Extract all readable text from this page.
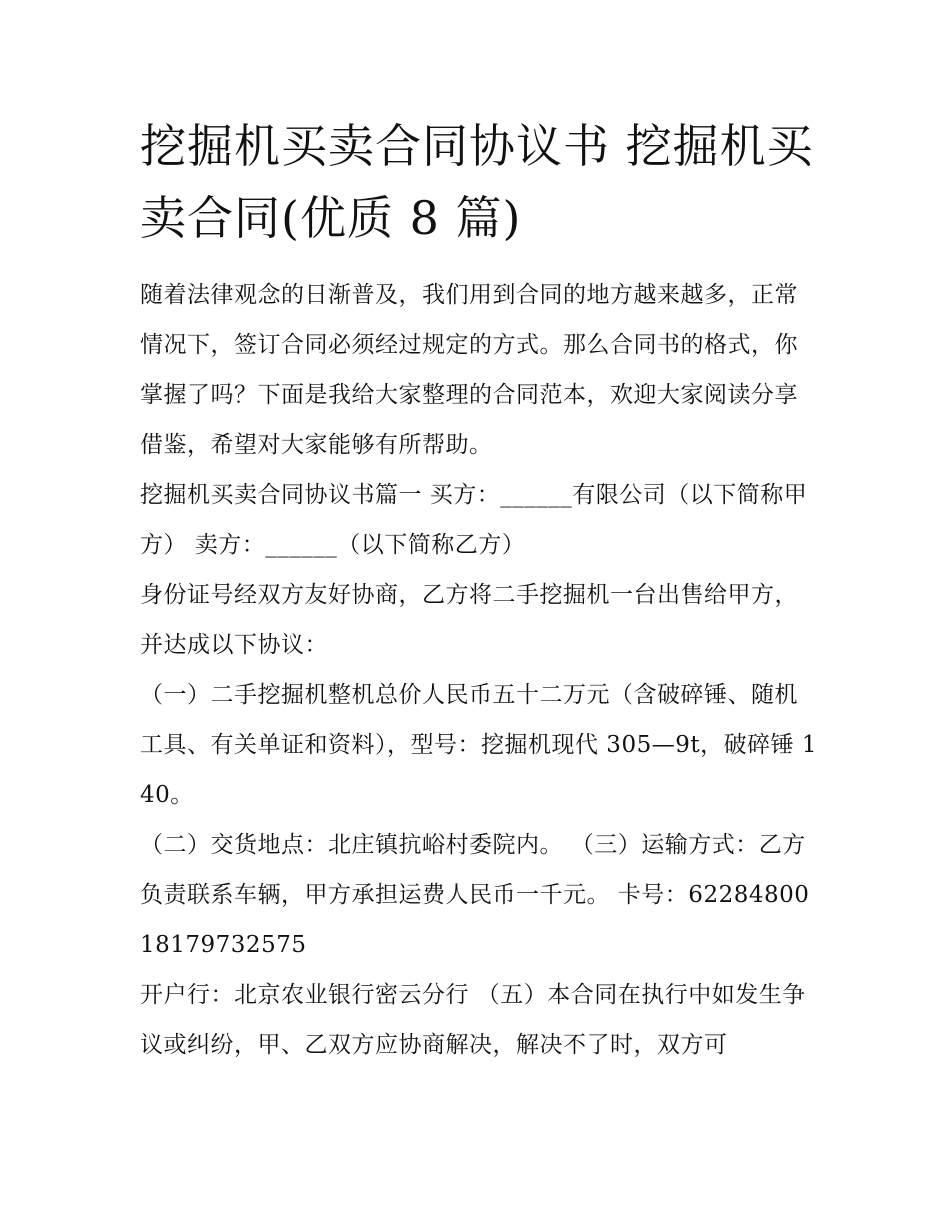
挖掘机买卖合同协议书 挖掘机买卖合同(优质 8 篇)

随着法律观念的日渐普及，我们用到合同的地方越来越多，正常情况下，签订合同必须经过规定的方式。那么合同书的格式，你掌握了吗？下面是我给大家整理的合同范本，欢迎大家阅读分享借鉴，希望对大家能够有所帮助。

挖掘机买卖合同协议书篇一 买方：______有限公司（以下简称甲方） 卖方：______（以下简称乙方）

身份证号经双方友好协商，乙方将二手挖掘机一台出售给甲方，并达成以下协议：

（一）二手挖掘机整机总价人民币五十二万元（含破碎锤、随机工具、有关单证和资料），型号：挖掘机现代 305—9t，破碎锤 140。

（二）交货地点：北庄镇抗峪村委院内。 （三）运输方式：乙方负责联系车辆，甲方承担运费人民币一千元。 卡号：6228480018179732575

开户行：北京农业银行密云分行 （五）本合同在执行中如发生争议或纠纷，甲、乙双方应协商解决，解决不了时，双方可
